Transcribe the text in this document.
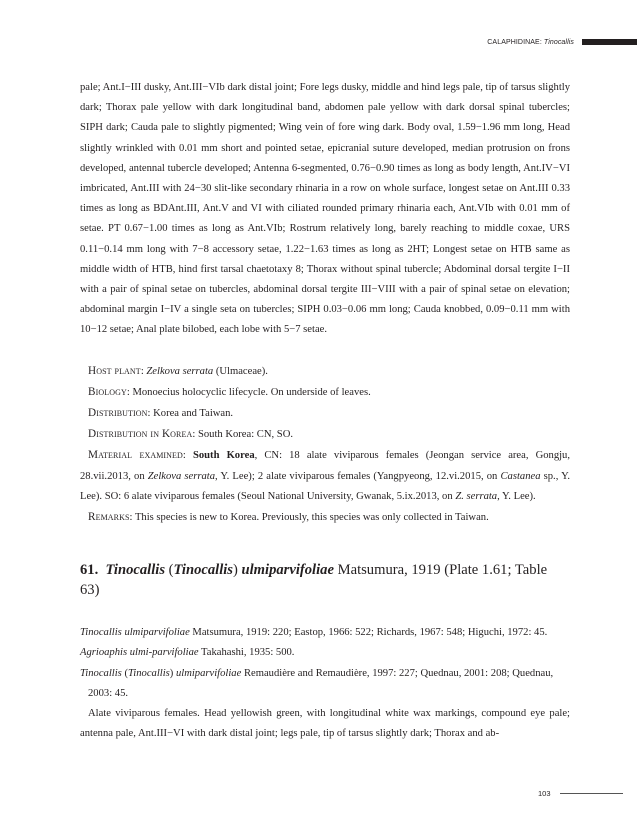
CALAPHIDINAE: Tinocallis

pale; Ant.I−III dusky, Ant.III−VIb dark distal joint; Fore legs dusky, middle and hind legs pale, tip of tarsus slightly dark; Thorax pale yellow with dark longitudinal band, abdomen pale yellow with dark dorsal spinal tubercles; SIPH dark; Cauda pale to slightly pigmented; Wing vein of fore wing dark. Body oval, 1.59−1.96 mm long, Head slightly wrinkled with 0.01 mm short and pointed setae, epicranial suture developed, median protrusion on frons developed, antennal tubercle developed; Antenna 6-segmented, 0.76−0.90 times as long as body length, Ant.IV−VI imbricated, Ant.III with 24−30 slit-like secondary rhinaria in a row on whole surface, longest setae on Ant.III 0.33 times as long as BDAnt.III, Ant.V and VI with ciliated rounded primary rhinaria each, Ant.VIb with 0.01 mm of setae. PT 0.67−1.00 times as long as Ant.VIb; Rostrum relatively long, barely reaching to middle coxae, URS 0.11−0.14 mm long with 7−8 accessory setae, 1.22−1.63 times as long as 2HT; Longest setae on HTB same as middle width of HTB, hind first tarsal chaetotaxy 8; Thorax without spinal tubercle; Abdominal dorsal tergite I−II with a pair of spinal setae on tubercles, abdominal dorsal tergite III−VIII with a pair of spinal setae on elevation; abdominal margin I−IV a single seta on tubercles; SIPH 0.03−0.06 mm long; Cauda knobbed, 0.09−0.11 mm with 10−12 setae; Anal plate bilobed, each lobe with 5−7 setae.

Host plant: Zelkova serrata (Ulmaceae).

Biology: Monoecius holocyclic lifecycle. On underside of leaves.

Distribution: Korea and Taiwan.

Distribution in Korea: South Korea: CN, SO.

Material examined: South Korea, CN: 18 alate viviparous females (Jeongan service area, Gongju, 28.vii.2013, on Zelkova serrata, Y. Lee); 2 alate viviparous females (Yangpyeong, 12.vi.2015, on Castanea sp., Y. Lee). SO: 6 alate viviparous females (Seoul National University, Gwanak, 5.ix.2013, on Z. serrata, Y. Lee).

Remarks: This species is new to Korea. Previously, this species was only collected in Taiwan.

61. Tinocallis (Tinocallis) ulmiparvifoliae Matsumura, 1919 (Plate 1.61; Table 63)

Tinocallis ulmiparvifoliae Matsumura, 1919: 220; Eastop, 1966: 522; Richards, 1967: 548; Higuchi, 1972: 45.

Agrioaphis ulmi-parvifoliae Takahashi, 1935: 500.

Tinocallis (Tinocallis) ulmiparvifoliae Remaudière and Remaudière, 1997: 227; Quednau, 2001: 208; Quednau, 2003: 45.

Alate viviparous females. Head yellowish green, with longitudinal white wax markings, compound eye pale; antenna pale, Ant.III−VI with dark distal joint; legs pale, tip of tarsus slightly dark; Thorax and ab-

103
